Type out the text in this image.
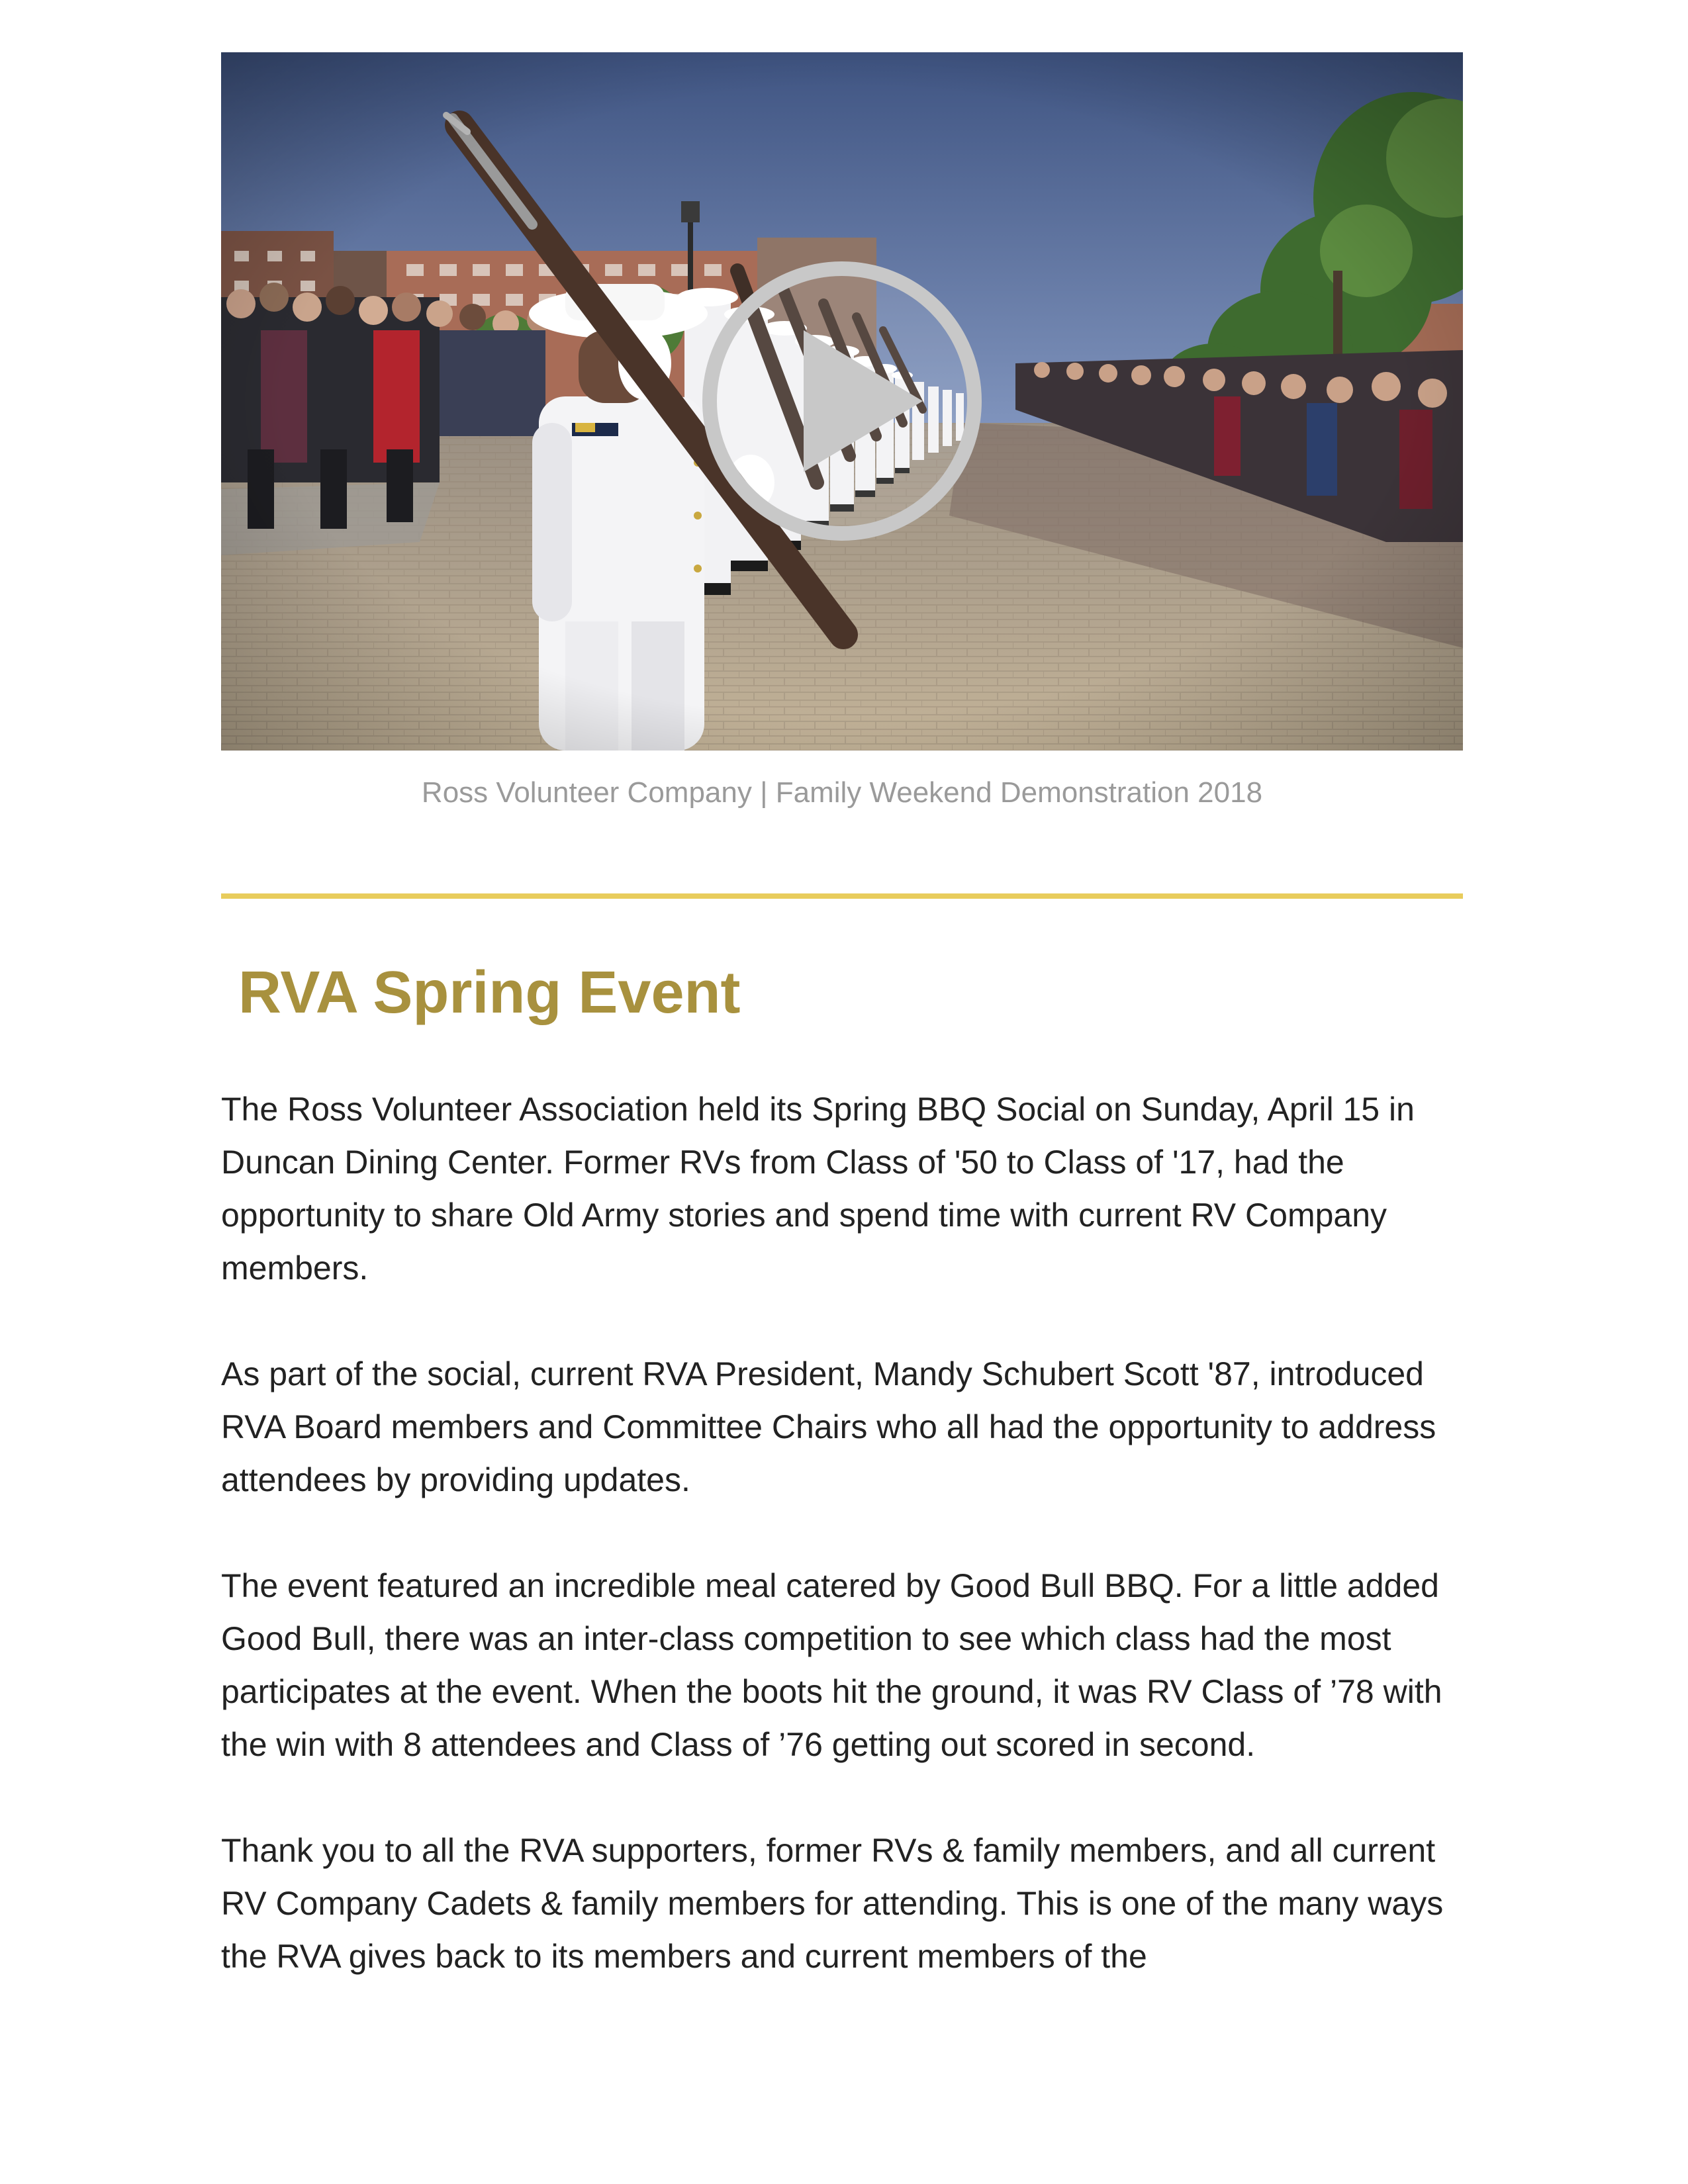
Ross Volunteer Company | Family Weekend Demonstration 2018
RVA Spring Event

The Ross Volunteer Association held its Spring BBQ Social on Sunday, April 15 in Duncan Dining Center. Former RVs from Class of '50 to Class of '17, had the opportunity to share Old Army stories and spend time with current RV Company members.

As part of the social, current RVA President, Mandy Schubert Scott '87, introduced RVA Board members and Committee Chairs who all had the opportunity to address attendees by providing updates.

The event featured an incredible meal catered by Good Bull BBQ. For a little added Good Bull, there was an inter-class competition to see which class had the most participates at the event. When the boots hit the ground, it was RV Class of ’78 with the win with 8 attendees and Class of ’76 getting out scored in second.

Thank you to all the RVA supporters, former RVs & family members, and all current RV Company Cadets & family members for attending. This is one of the many ways the RVA gives back to its members and current members of the
